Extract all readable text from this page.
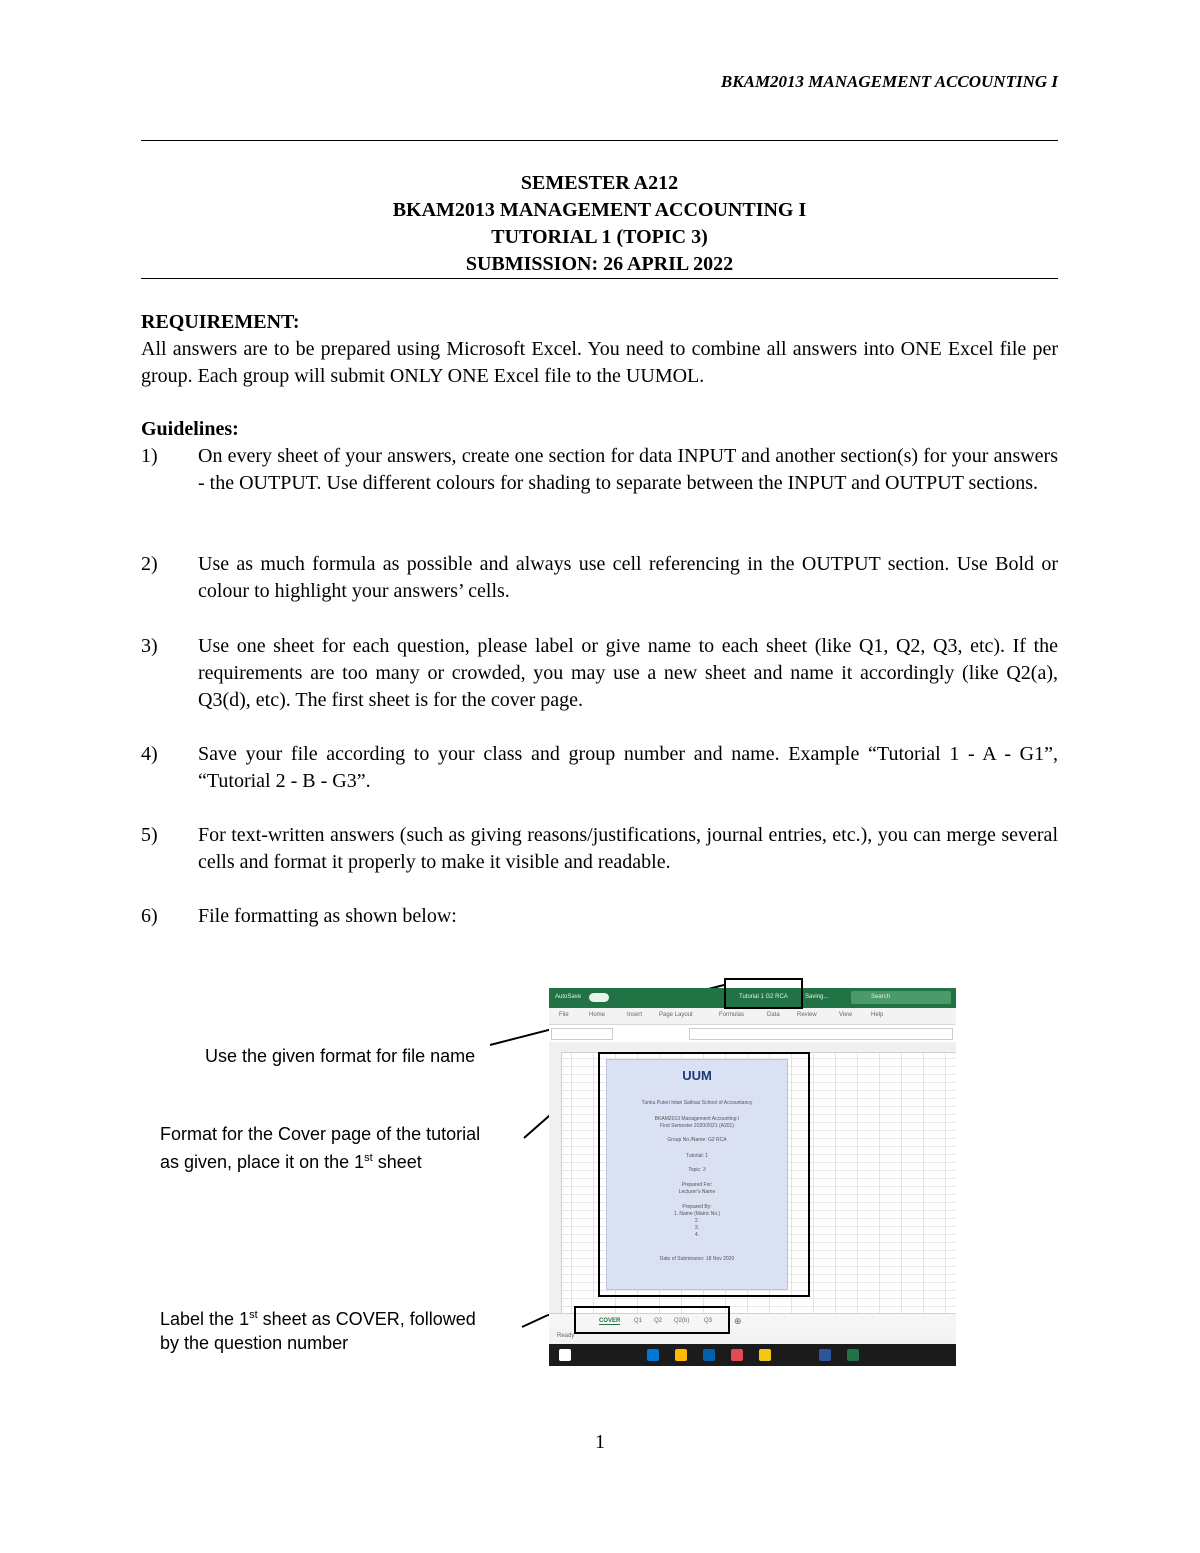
BKAM2013 MANAGEMENT ACCOUNTING I
SEMESTER A212
BKAM2013 MANAGEMENT ACCOUNTING I
TUTORIAL 1 (TOPIC 3)
SUBMISSION: 26 APRIL 2022
REQUIREMENT:
All answers are to be prepared using Microsoft Excel. You need to combine all answers into ONE Excel file per group. Each group will submit ONLY ONE Excel file to the UUMOL.
Guidelines:
1) On every sheet of your answers, create one section for data INPUT and another section(s) for your answers - the OUTPUT. Use different colours for shading to separate between the INPUT and OUTPUT sections.
2) Use as much formula as possible and always use cell referencing in the OUTPUT section. Use Bold or colour to highlight your answers’ cells.
3) Use one sheet for each question, please label or give name to each sheet (like Q1, Q2, Q3, etc). If the requirements are too many or crowded, you may use a new sheet and name it accordingly (like Q2(a), Q3(d), etc). The first sheet is for the cover page.
4) Save your file according to your class and group number and name. Example “Tutorial 1 - A - G1”, “Tutorial 2 - B - G3”.
5) For text-written answers (such as giving reasons/justifications, journal entries, etc.), you can merge several cells and format it properly to make it visible and readable.
6) File formatting as shown below:
Use the given format for file name
Format for the Cover page of the tutorial
as given, place it on the 1st sheet
Label the 1st sheet as COVER, followed
by the question number
AutoSave	Tutorial 1 G2 RCA	Saving...	Search
File	Home	Insert	Page Layout	Formulas	Data	Review	View	Help
COVER Q1 Q2 Q2(b) Q3 ⊕
Ready
UUM
Tunku Puteri Intan Safinaz School of Accountancy
BKAM2013 Management Accounting I
First Semester 2020/2021 (A201)
Group No./Name: G2 RCA
Tutorial: 1
Topic: 3
Prepared For:
Lecturer's Name
Prepared By:
1. Name (Matric No.)
2.
3.
4.
Date of Submission: 18 Nov 2020
1
